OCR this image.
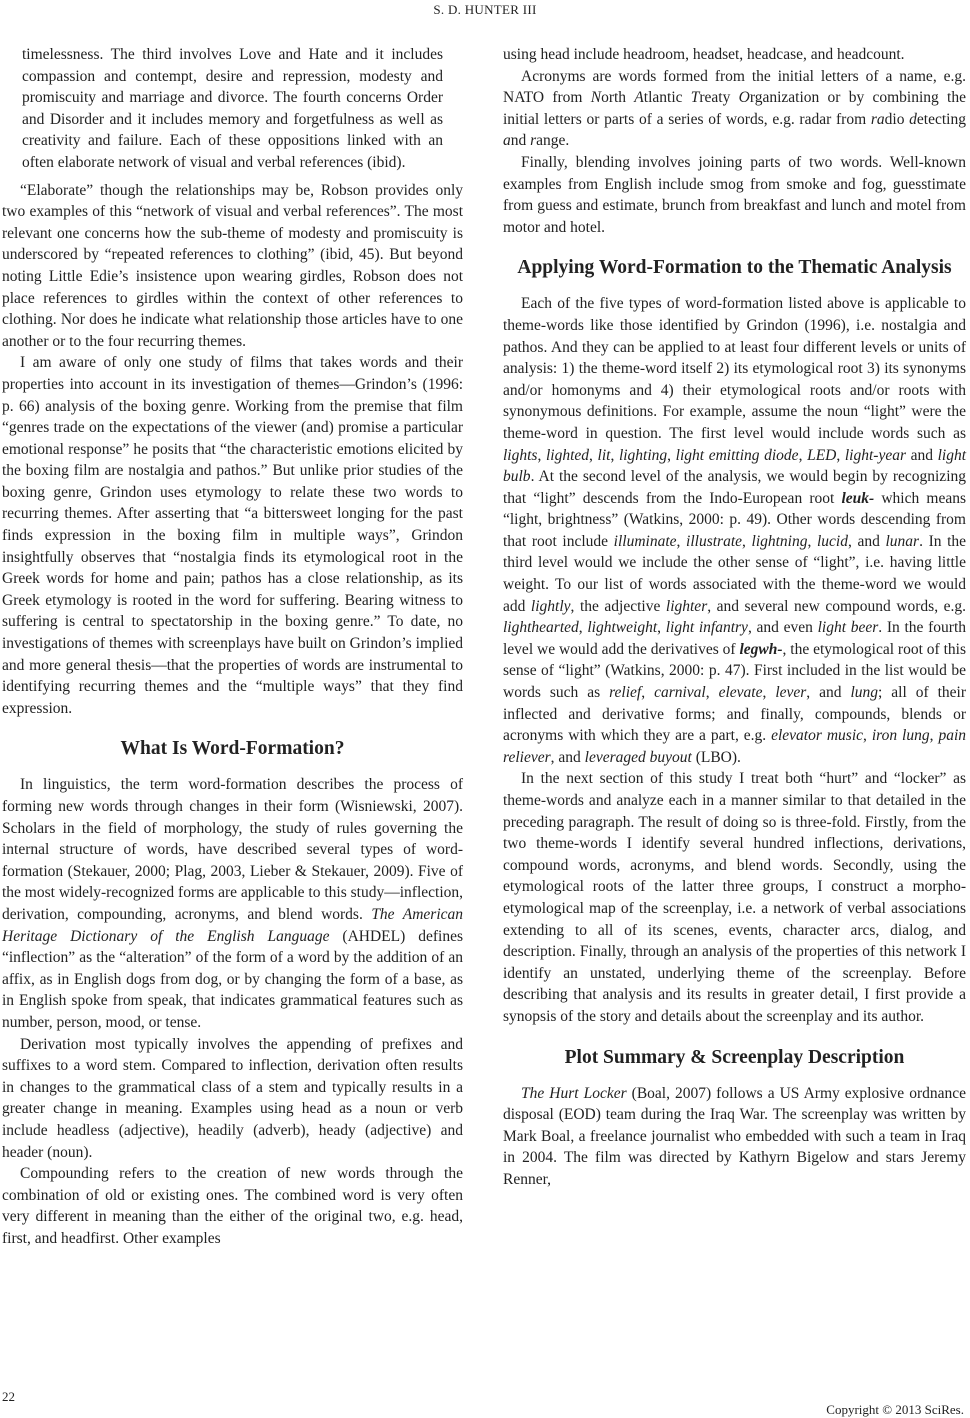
S. D. HUNTER III

timelessness. The third involves Love and Hate and it includes compassion and contempt, desire and repression, modesty and promiscuity and marriage and divorce. The fourth concerns Order and Disorder and it includes memory and forgetfulness as well as creativity and failure. Each of these oppositions linked with an often elaborate network of visual and verbal references (ibid).

“Elaborate” though the relationships may be, Robson provides only two examples of this “network of visual and verbal references”. The most relevant one concerns how the sub-theme of modesty and promiscuity is underscored by “repeated references to clothing” (ibid, 45). But beyond noting Little Edie’s insistence upon wearing girdles, Robson does not place references to girdles within the context of other references to clothing. Nor does he indicate what relationship those articles have to one another or to the four recurring themes.

I am aware of only one study of films that takes words and their properties into account in its investigation of themes—Grindon’s (1996: p. 66) analysis of the boxing genre. Working from the premise that film “genres trade on the expectations of the viewer (and) promise a particular emotional response” he posits that “the characteristic emotions elicited by the boxing film are nostalgia and pathos.” But unlike prior studies of the boxing genre, Grindon uses etymology to relate these two words to recurring themes. After asserting that “a bittersweet longing for the past finds expression in the boxing film in multiple ways”, Grindon insightfully observes that “nostalgia finds its etymological root in the Greek words for home and pain; pathos has a close relationship, as its Greek etymology is rooted in the word for suffering. Bearing witness to suffering is central to spectatorship in the boxing genre.” To date, no investigations of themes with screenplays have built on Grindon’s implied and more general thesis—that the properties of words are instrumental to identifying recurring themes and the “multiple ways” that they find expression.

What Is Word-Formation?

In linguistics, the term word-formation describes the process of forming new words through changes in their form (Wisniewski, 2007). Scholars in the field of morphology, the study of rules governing the internal structure of words, have described several types of word-formation (Stekauer, 2000; Plag, 2003, Lieber & Stekauer, 2009). Five of the most widely-recognized forms are applicable to this study—inflection, derivation, compounding, acronyms, and blend words. The American Heritage Dictionary of the English Language (AHDEL) defines “inflection” as the “alteration” of the form of a word by the addition of an affix, as in English dogs from dog, or by changing the form of a base, as in English spoke from speak, that indicates grammatical features such as number, person, mood, or tense.

Derivation most typically involves the appending of prefixes and suffixes to a word stem. Compared to inflection, derivation often results in changes to the grammatical class of a stem and typically results in a greater change in meaning. Examples using head as a noun or verb include headless (adjective), headily (adverb), heady (adjective) and header (noun).

Compounding refers to the creation of new words through the combination of old or existing ones. The combined word is very often very different in meaning than the either of the original two, e.g. head, first, and headfirst. Other examples

using head include headroom, headset, headcase, and headcount.

Acronyms are words formed from the initial letters of a name, e.g. NATO from North Atlantic Treaty Organization or by combining the initial letters or parts of a series of words, e.g. radar from radio detecting and range.

Finally, blending involves joining parts of two words. Well-known examples from English include smog from smoke and fog, guesstimate from guess and estimate, brunch from breakfast and lunch and motel from motor and hotel.

Applying Word-Formation to the Thematic Analysis

Each of the five types of word-formation listed above is applicable to theme-words like those identified by Grindon (1996), i.e. nostalgia and pathos. And they can be applied to at least four different levels or units of analysis: 1) the theme-word itself 2) its etymological root 3) its synonyms and/or homonyms and 4) their etymological roots and/or roots with synonymous definitions. For example, assume the noun “light” were the theme-word in question. The first level would include words such as lights, lighted, lit, lighting, light emitting diode, LED, light-year and light bulb. At the second level of the analysis, we would begin by recognizing that “light” descends from the Indo-European root leuk- which means “light, brightness” (Watkins, 2000: p. 49). Other words descending from that root include illuminate, illustrate, lightning, lucid, and lunar. In the third level would we include the other sense of “light”, i.e. having little weight. To our list of words associated with the theme-word we would add lightly, the adjective lighter, and several new compound words, e.g. lighthearted, lightweight, light infantry, and even light beer. In the fourth level we would add the derivatives of legwh-, the etymological root of this sense of “light” (Watkins, 2000: p. 47). First included in the list would be words such as relief, carnival, elevate, lever, and lung; all of their inflected and derivative forms; and finally, compounds, blends or acronyms with which they are a part, e.g. elevator music, iron lung, pain reliever, and leveraged buyout (LBO).

In the next section of this study I treat both “hurt” and “locker” as theme-words and analyze each in a manner similar to that detailed in the preceding paragraph. The result of doing so is three-fold. Firstly, from the two theme-words I identify several hundred inflections, derivations, compound words, acronyms, and blend words. Secondly, using the etymological roots of the latter three groups, I construct a morpho-etymological map of the screenplay, i.e. a network of verbal associations extending to all of its scenes, events, character arcs, dialog, and description. Finally, through an analysis of the properties of this network I identify an unstated, underlying theme of the screenplay. Before describing that analysis and its results in greater detail, I first provide a synopsis of the story and details about the screenplay and its author.

Plot Summary & Screenplay Description

The Hurt Locker (Boal, 2007) follows a US Army explosive ordnance disposal (EOD) team during the Iraq War. The screenplay was written by Mark Boal, a freelance journalist who embedded with such a team in Iraq in 2004. The film was directed by Kathyrn Bigelow and stars Jeremy Renner,

22
Copyright © 2013 SciRes.
